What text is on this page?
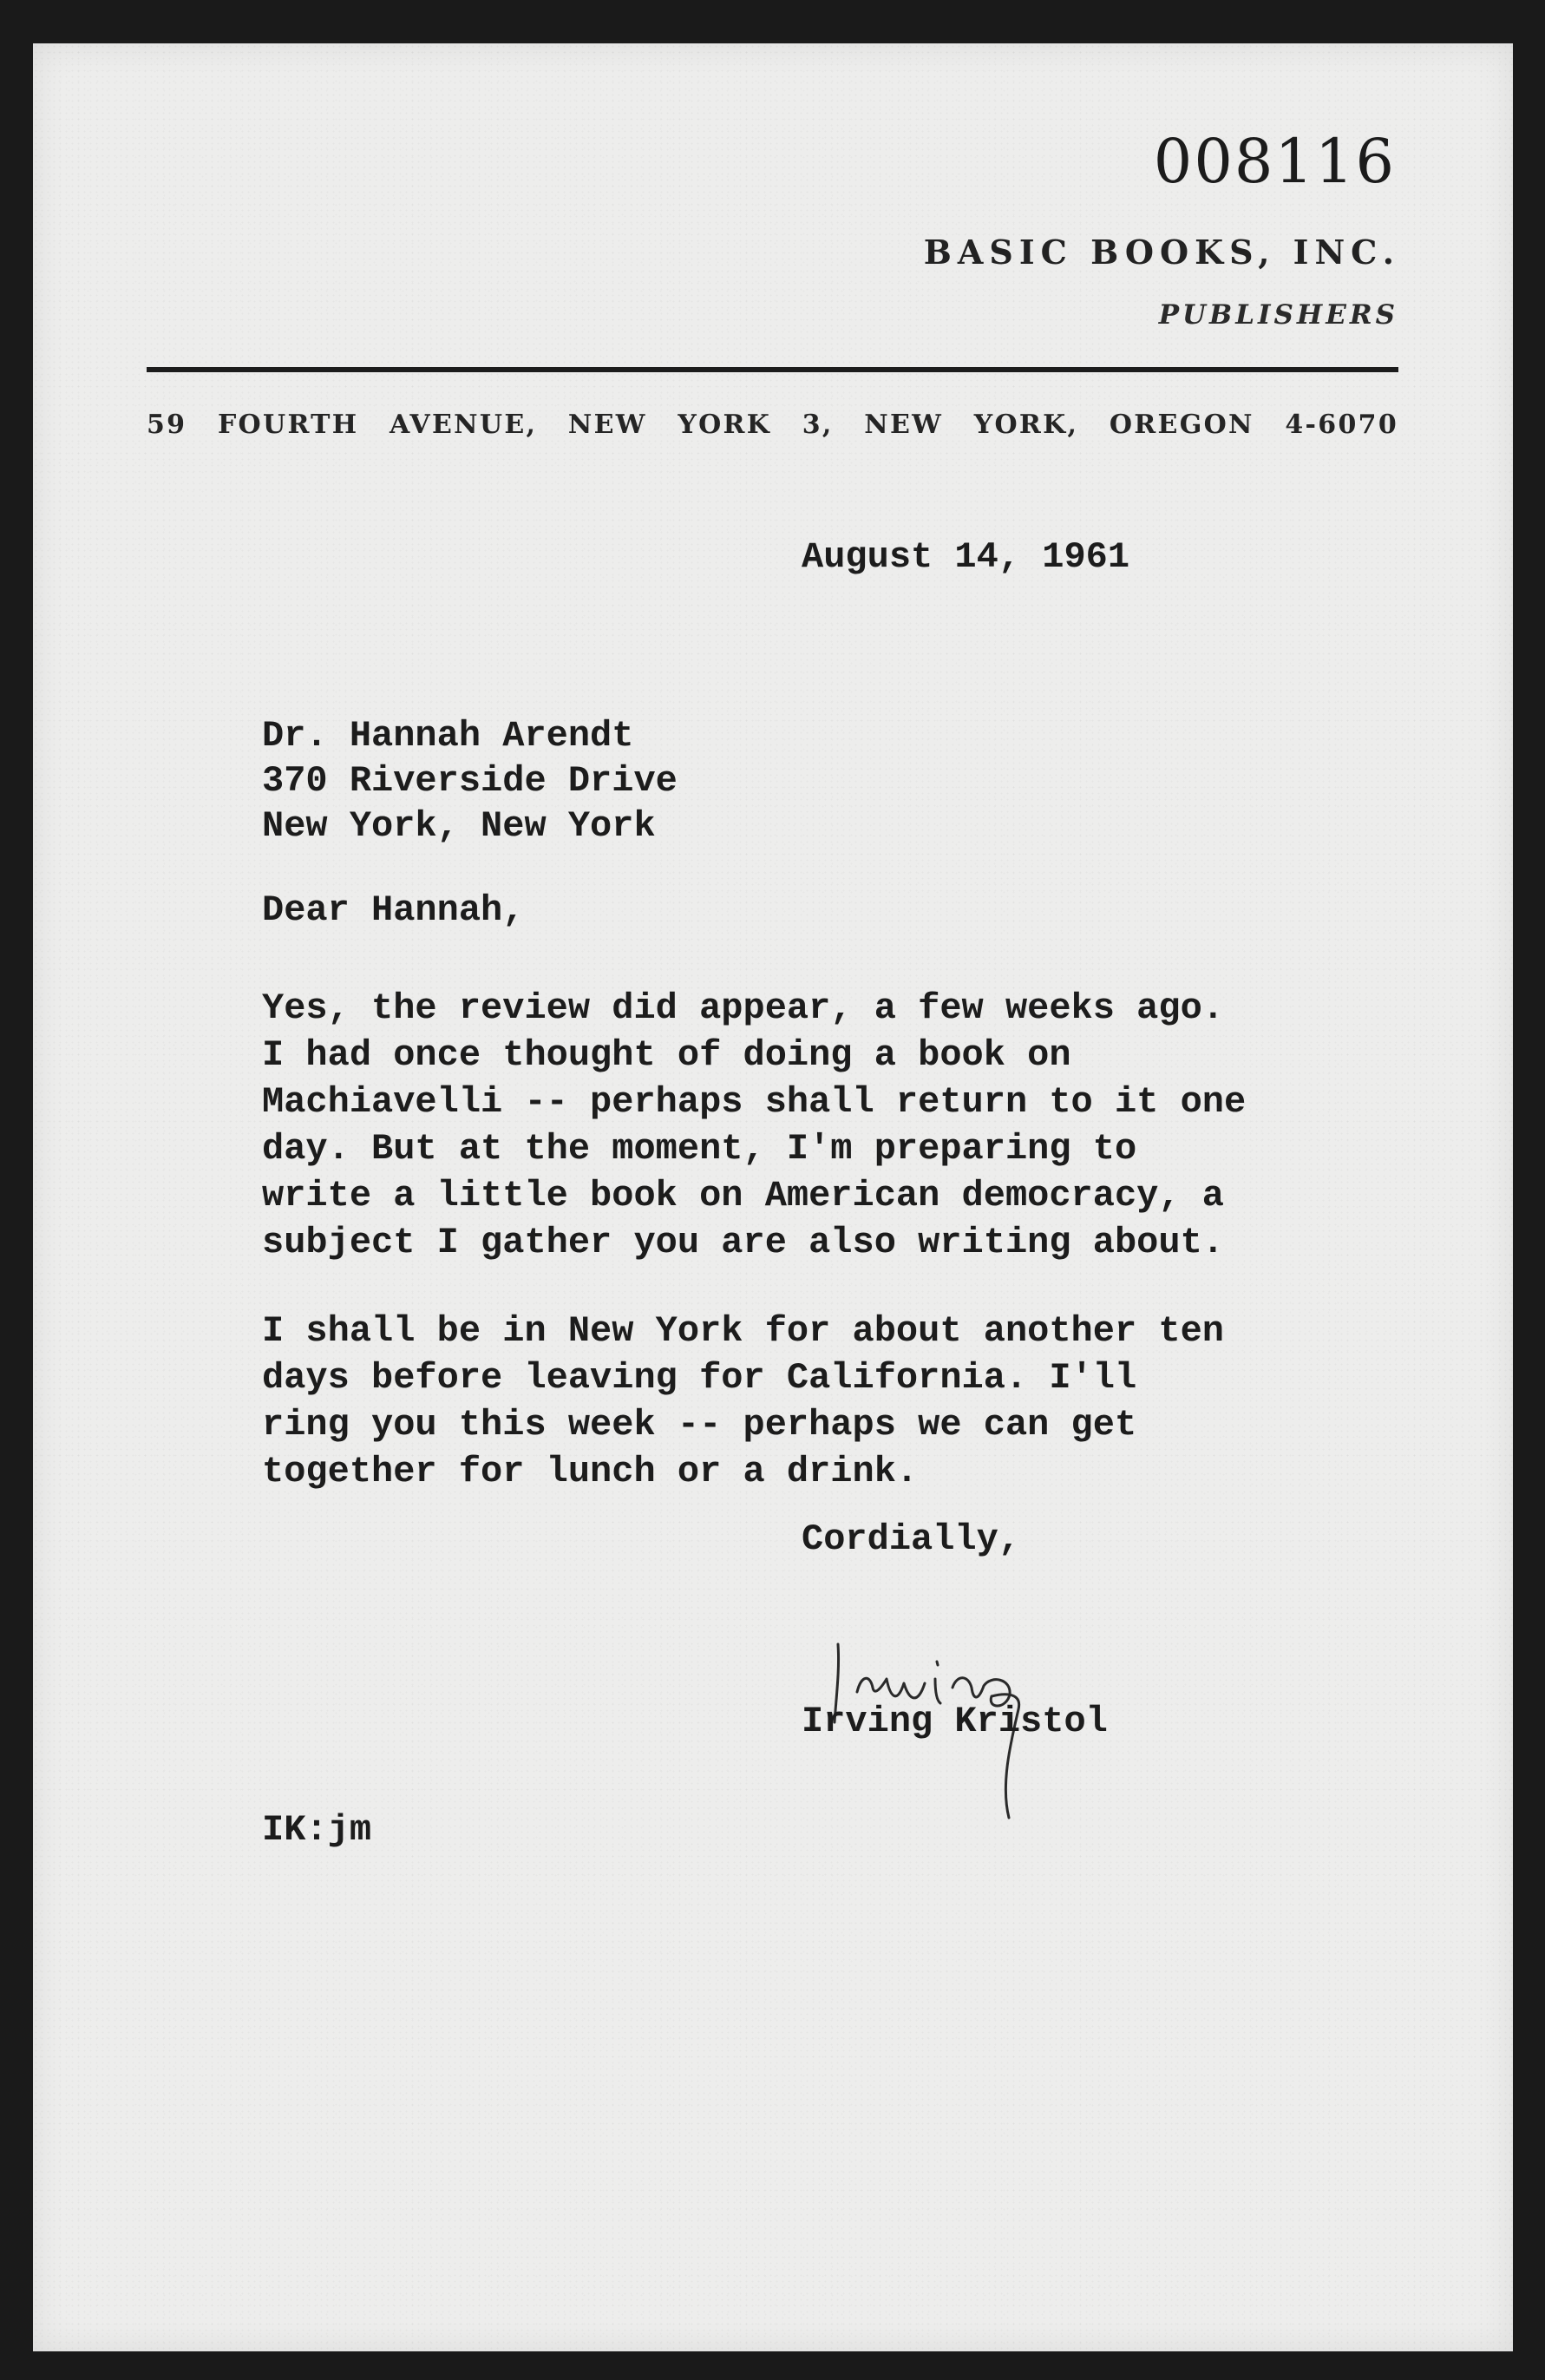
008116
BASIC BOOKS, INC.
PUBLISHERS
59 FOURTH AVENUE, NEW YORK 3, NEW YORK, OREGON 4-6070
August 14, 1961
Dr. Hannah Arendt
370 Riverside Drive
New York, New York
Dear Hannah,
Yes, the review did appear, a few weeks ago.
I had once thought of doing a book on
Machiavelli -- perhaps shall return to it one
day. But at the moment, I'm preparing to
write a little book on American democracy, a
subject I gather you are also writing about.
I shall be in New York for about another ten
days before leaving for California. I'll
ring you this week -- perhaps we can get
together for lunch or a drink.
Cordially,
Irving Kristol
IK:jm
